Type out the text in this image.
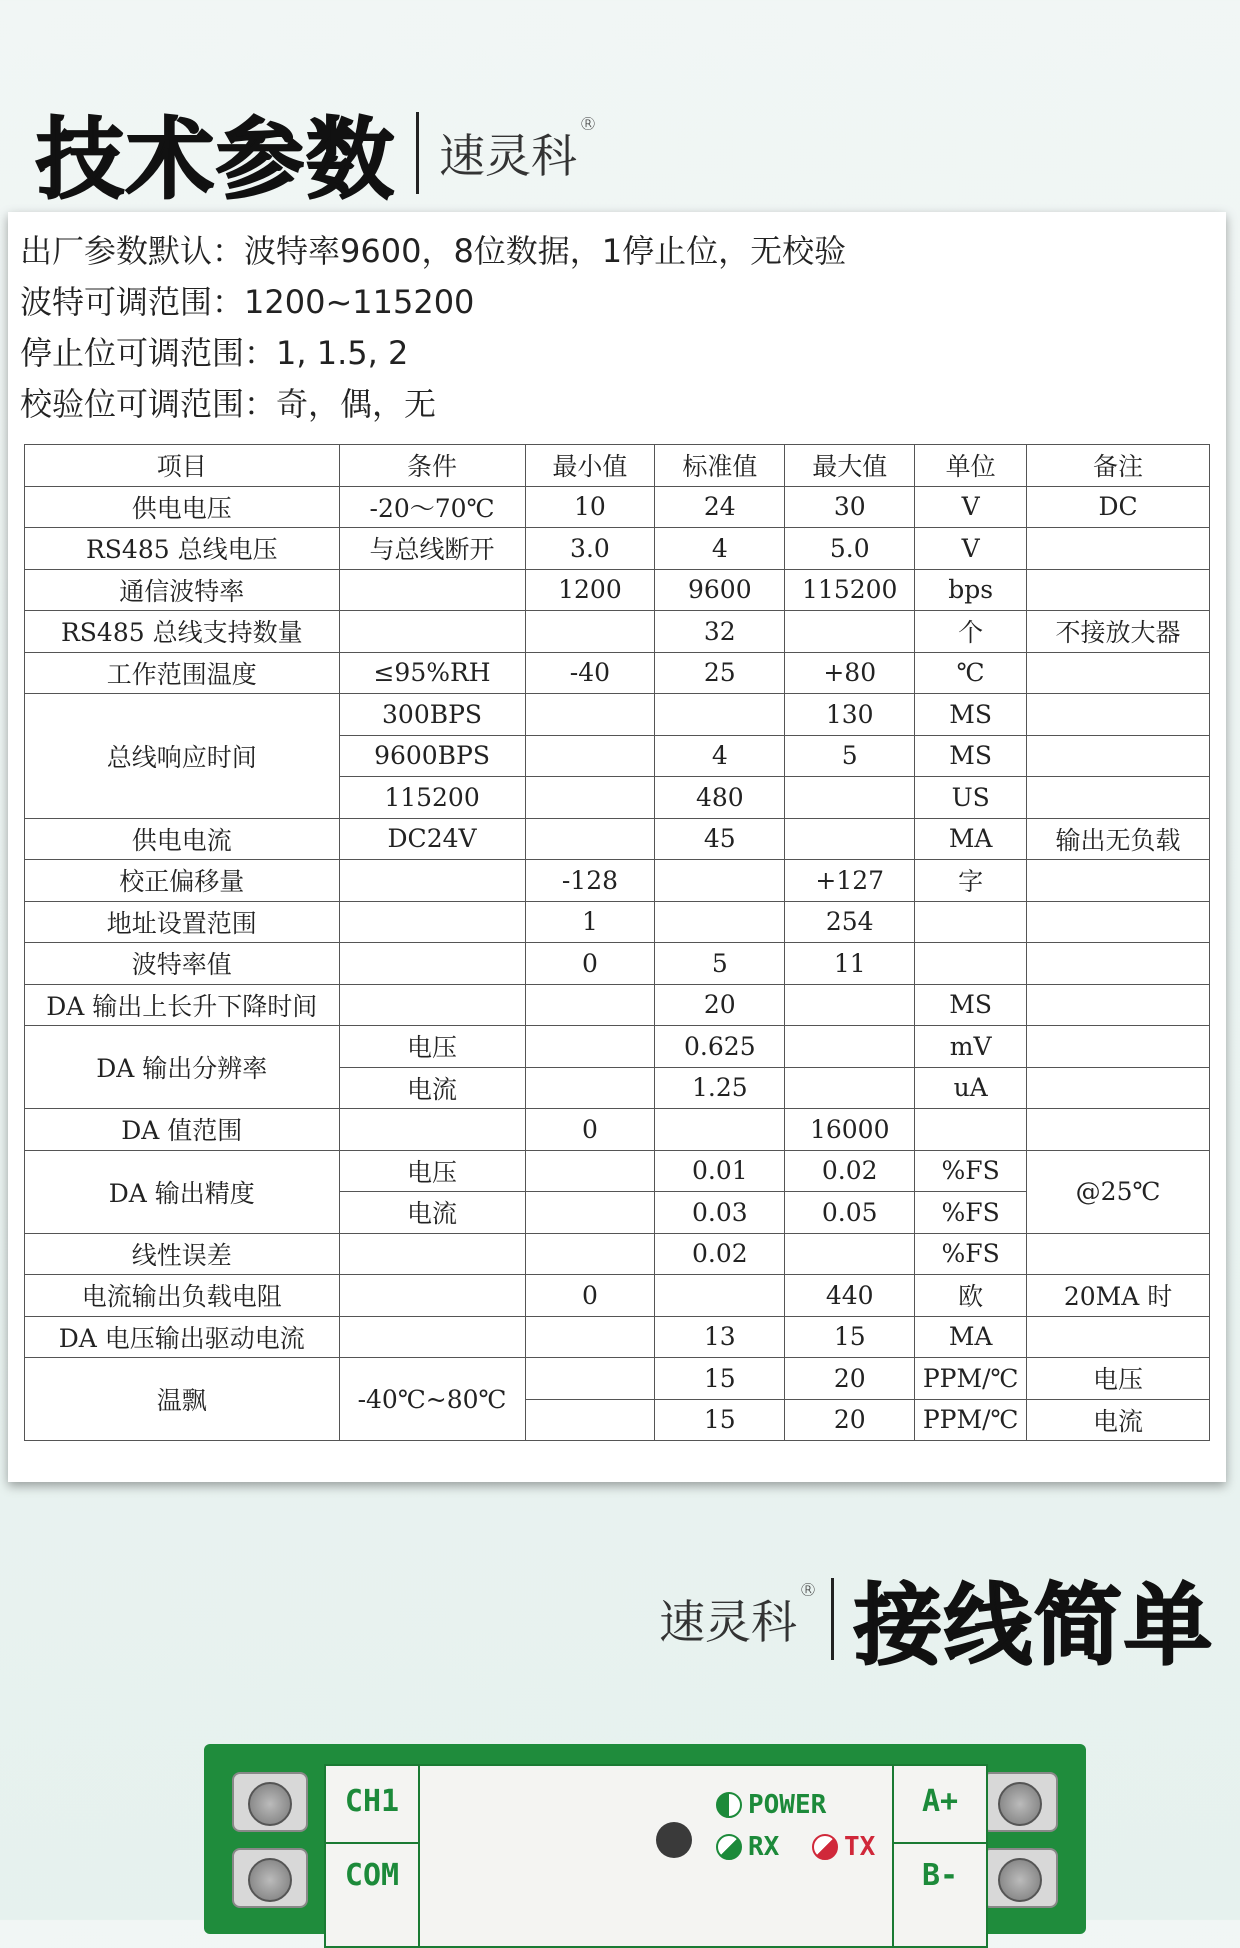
技术参数 速灵科
®
出厂参数默认：波特率9600，8位数据，1停止位，无校验
波特可调范围：1200~115200
停止位可调范围：1, 1.5, 2
校验位可调范围：奇，偶，无
项目	条件	最小值	标准值	最大值	单位	备注
供电电压	-20～70℃	10	24	30	V	DC
RS485 总线电压	与总线断开	3.0	4	5.0	V	
通信波特率		1200	9600	115200	bps	
RS485 总线支持数量			32		个	不接放大器
工作范围温度	≤95%RH	-40	25	+80	℃	
总线响应时间	300BPS			130	MS	
	9600BPS		4	5	MS	
	115200		480		US	
供电电流	DC24V		45		MA	输出无负载
校正偏移量		-128		+127	字	
地址设置范围		1		254		
波特率值		0	5	11		
DA 输出上长升下降时间			20		MS	
DA 输出分辨率	电压		0.625		mV	
	电流		1.25		uA	
DA 值范围		0		16000		
DA 输出精度	电压		0.01	0.02	%FS	@25℃
	电流		0.03	0.05	%FS	
线性误差			0.02		%FS	
电流输出负载电阻		0		440	欧	20MA 时
DA 电压输出驱动电流			13	15	MA	
温飘	-40℃~80℃		15	20	PPM/℃	电压
			15	20	PPM/℃	电流
速灵科
® 接线简单
CH1
COM
A+
B-
POWER
RX TX
